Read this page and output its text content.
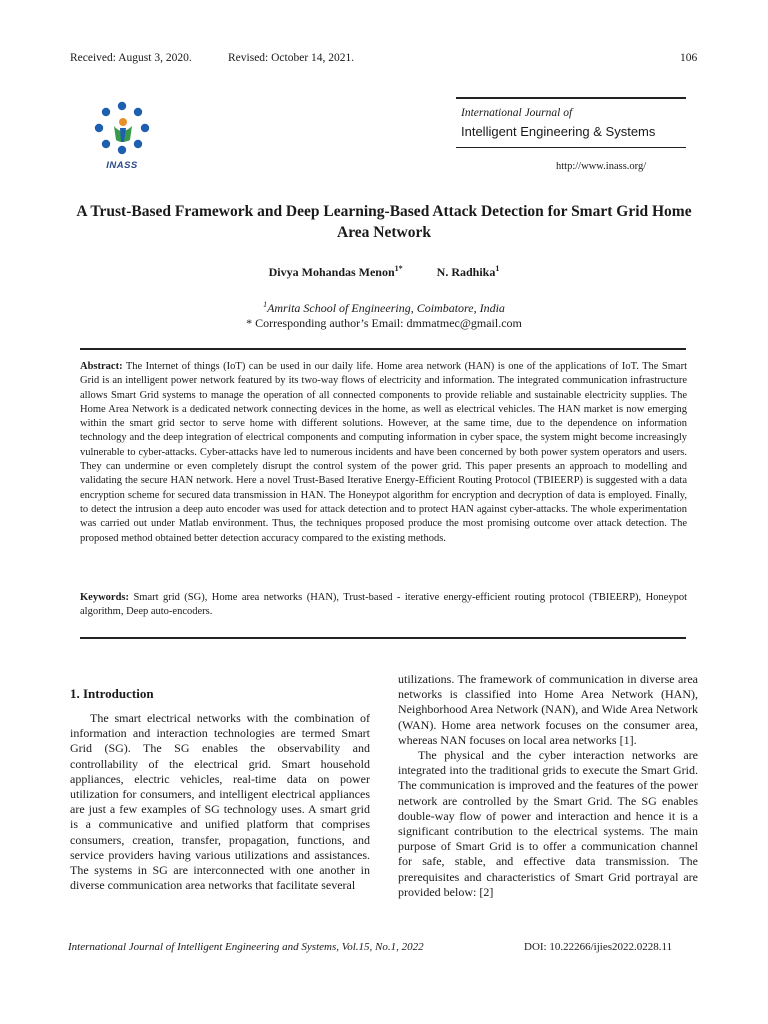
Received: August 3, 2020.	Revised: October 14, 2021.	106
INASS
International Journal of
Intelligent Engineering & Systems
http://www.inass.org/
A Trust-Based Framework and Deep Learning-Based Attack Detection for Smart Grid Home Area Network
Divya Mohandas Menon$^{1*}$	N. Radhika$^1$
$^1$Amrita School of Engineering, Coimbatore, India
* Corresponding author’s Email: dmmatmec@gmail.com
Abstract: The Internet of things (IoT) can be used in our daily life. Home area network (HAN) is one of the applications of IoT. The Smart Grid is an intelligent power network featured by its two-way flows of electricity and information. The integrated communication infrastructure allows Smart Grid systems to manage the operation of all connected components to provide reliable and sustainable electricity supplies. The Home Area Network is a dedicated network connecting devices in the home, as well as electrical vehicles. The HAN market is now emerging within the smart grid sector to serve home with different solutions. However, at the same time, due to the dependence on information technology and the deep integration of electrical components and computing information in cyber space, the system might become increasingly vulnerable to cyber-attacks. Cyber-attacks have led to numerous incidents and have been concerned by both power system operators and users. They can undermine or even completely disrupt the control system of the power grid. This paper presents an approach to modelling and validating the secure HAN network. Here a novel Trust-Based Iterative Energy-Efficient Routing Protocol (TBIEERP) is suggested with a data encryption scheme for secured data transmission in HAN. The Honeypot algorithm for encryption and decryption of data is employed. Finally, to detect the intrusion a deep auto encoder was used for attack detection and to protect HAN against cyber-attacks. The whole experimentation was carried out under Matlab environment. Thus, the techniques proposed produce the most promising outcome over attack detection. The proposed method obtained better detection accuracy compared to the existing methods.
Keywords: Smart grid (SG), Home area networks (HAN), Trust-based - iterative energy-efficient routing protocol (TBIEERP), Honeypot algorithm, Deep auto-encoders.
1. Introduction

The smart electrical networks with the combination of information and interaction technologies are termed Smart Grid (SG). The SG enables the observability and controllability of the electrical grid. Smart household appliances, electric vehicles, real-time data on power utilization for consumers, and intelligent electrical appliances are just a few examples of SG technology uses. A smart grid is a communicative and unified platform that comprises consumers, creation, transfer, propagation, functions, and service providers having various utilizations and assistances. The systems in SG are interconnected with one another in diverse communication area networks that facilitate several

utilizations. The framework of communication in diverse area networks is classified into Home Area Network (HAN), Neighborhood Area Network (NAN), and Wide Area Network (WAN). Home area network focuses on the consumer area, whereas NAN focuses on local area networks [1].

The physical and the cyber interaction networks are integrated into the traditional grids to execute the Smart Grid. The communication is improved and the features of the power network are controlled by the Smart Grid. The SG enables double-way flow of power and interaction and hence it is a significant contribution to the electrical systems. The main purpose of Smart Grid is to offer a communication channel for safe, stable, and effective data transmission. The prerequisites and characteristics of Smart Grid portrayal are provided below: [2]

International Journal of Intelligent Engineering and Systems, Vol.15, No.1, 2022	DOI: 10.22266/ijies2022.0228.11
